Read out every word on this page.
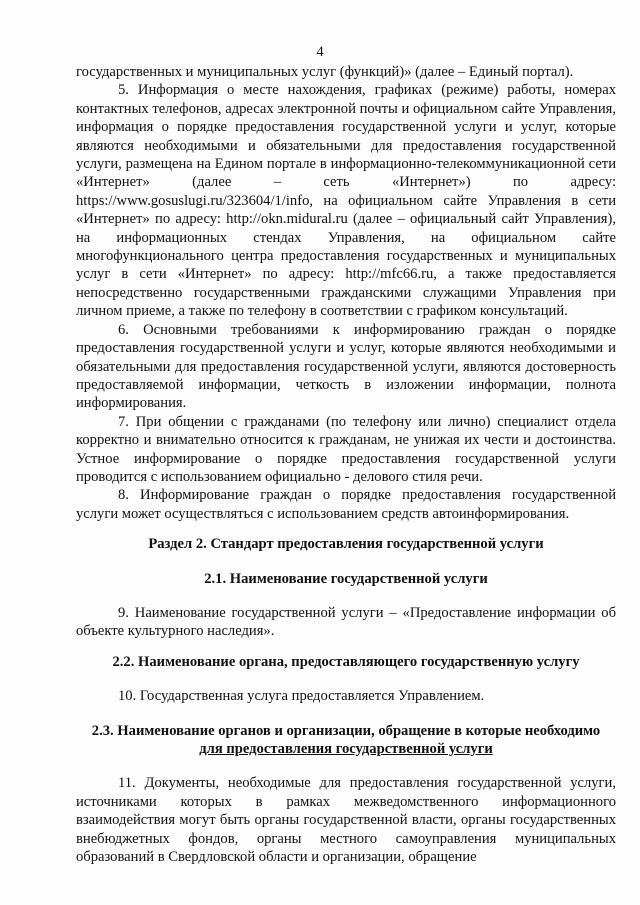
4

государственных и муниципальных услуг (функций)» (далее – Единый портал).

5. Информация о месте нахождения, графиках (режиме) работы, номерах контактных телефонов, адресах электронной почты и официальном сайте Управления, информация о порядке предоставления государственной услуги и услуг, которые являются необходимыми и обязательными для предоставления государственной услуги, размещена на Едином портале в информационно-телекоммуникационной сети «Интернет» (далее – сеть «Интернет») по адресу: https://www.gosuslugi.ru/323604/1/info, на официальном сайте Управления в сети «Интернет» по адресу: http://okn.midural.ru (далее – официальный сайт Управления), на информационных стендах Управления, на официальном сайте многофункционального центра предоставления государственных и муниципальных услуг в сети «Интернет» по адресу: http://mfc66.ru, а также предоставляется непосредственно государственными гражданскими служащими Управления при личном приеме, а также по телефону в соответствии с графиком консультаций.

6. Основными требованиями к информированию граждан о порядке предоставления государственной услуги и услуг, которые являются необходимыми и обязательными для предоставления государственной услуги, являются достоверность предоставляемой информации, четкость в изложении информации, полнота информирования.

7. При общении с гражданами (по телефону или лично) специалист отдела корректно и внимательно относится к гражданам, не унижая их чести и достоинства. Устное информирование о порядке предоставления государственной услуги проводится с использованием официально - делового стиля речи.

8. Информирование граждан о порядке предоставления государственной услуги может осуществляться с использованием средств автоинформирования.

Раздел 2. Стандарт предоставления государственной услуги

2.1. Наименование государственной услуги

9. Наименование государственной услуги – «Предоставление информации об объекте культурного наследия».

2.2. Наименование органа, предоставляющего государственную услугу

10. Государственная услуга предоставляется Управлением.

2.3. Наименование органов и организации, обращение в которые необходимо

для предоставления государственной услуги

11. Документы, необходимые для предоставления государственной услуги, источниками которых в рамках межведомственного информационного взаимодействия могут быть органы государственной власти, органы государственных внебюджетных фондов, органы местного самоуправления муниципальных образований в Свердловской области и организации, обращение
